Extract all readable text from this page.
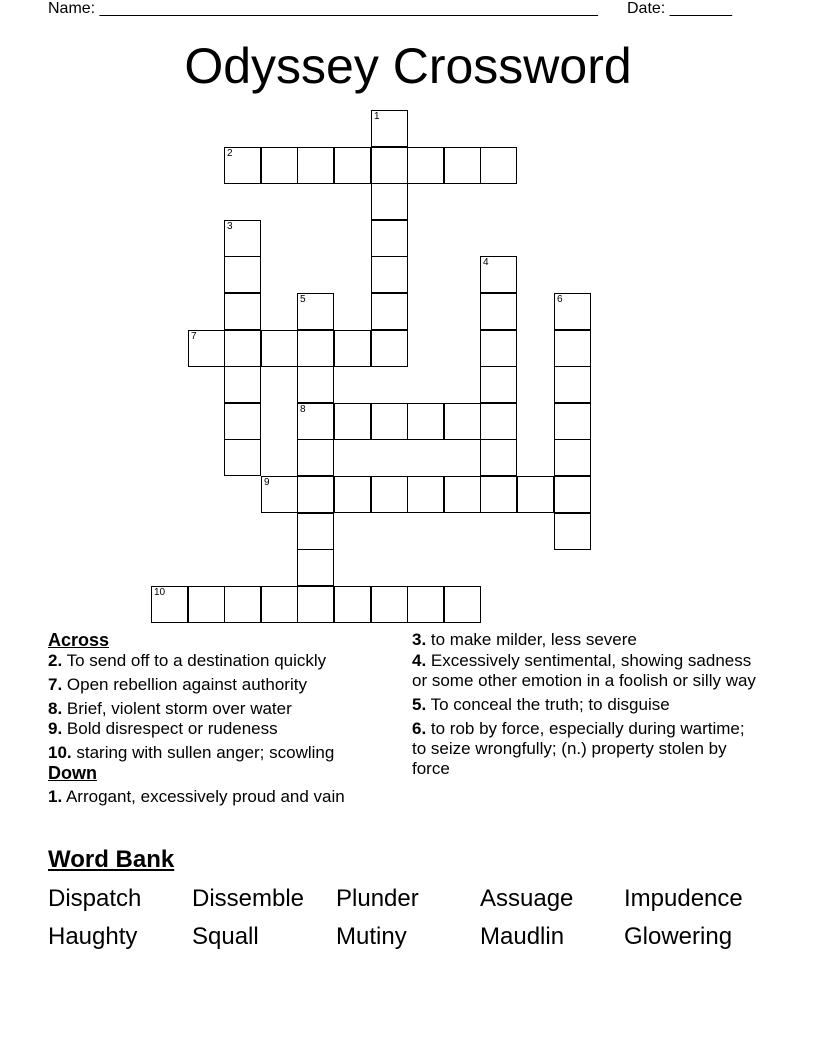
Name: ________________________________________________________ Date: _______
Odyssey Crossword
1
2
3
4
5
8
6
7
9
10
Across
2. To send off to a destination quickly
7. Open rebellion against authority
8. Brief, violent storm over water
9. Bold disrespect or rudeness
10. staring with sullen anger; scowling
Down
1. Arrogant, excessively proud and vain
3. to make milder, less severe
4. Excessively sentimental, showing sadness or some other emotion in a foolish or silly way
5. To conceal the truth; to disguise
6. to rob by force, especially during wartime; to seize wrongfully; (n.) property stolen by force
Word Bank
Dispatch Dissemble Plunder	Assuage Impudence
Haughty Squall	Mutiny	Maudlin Glowering
